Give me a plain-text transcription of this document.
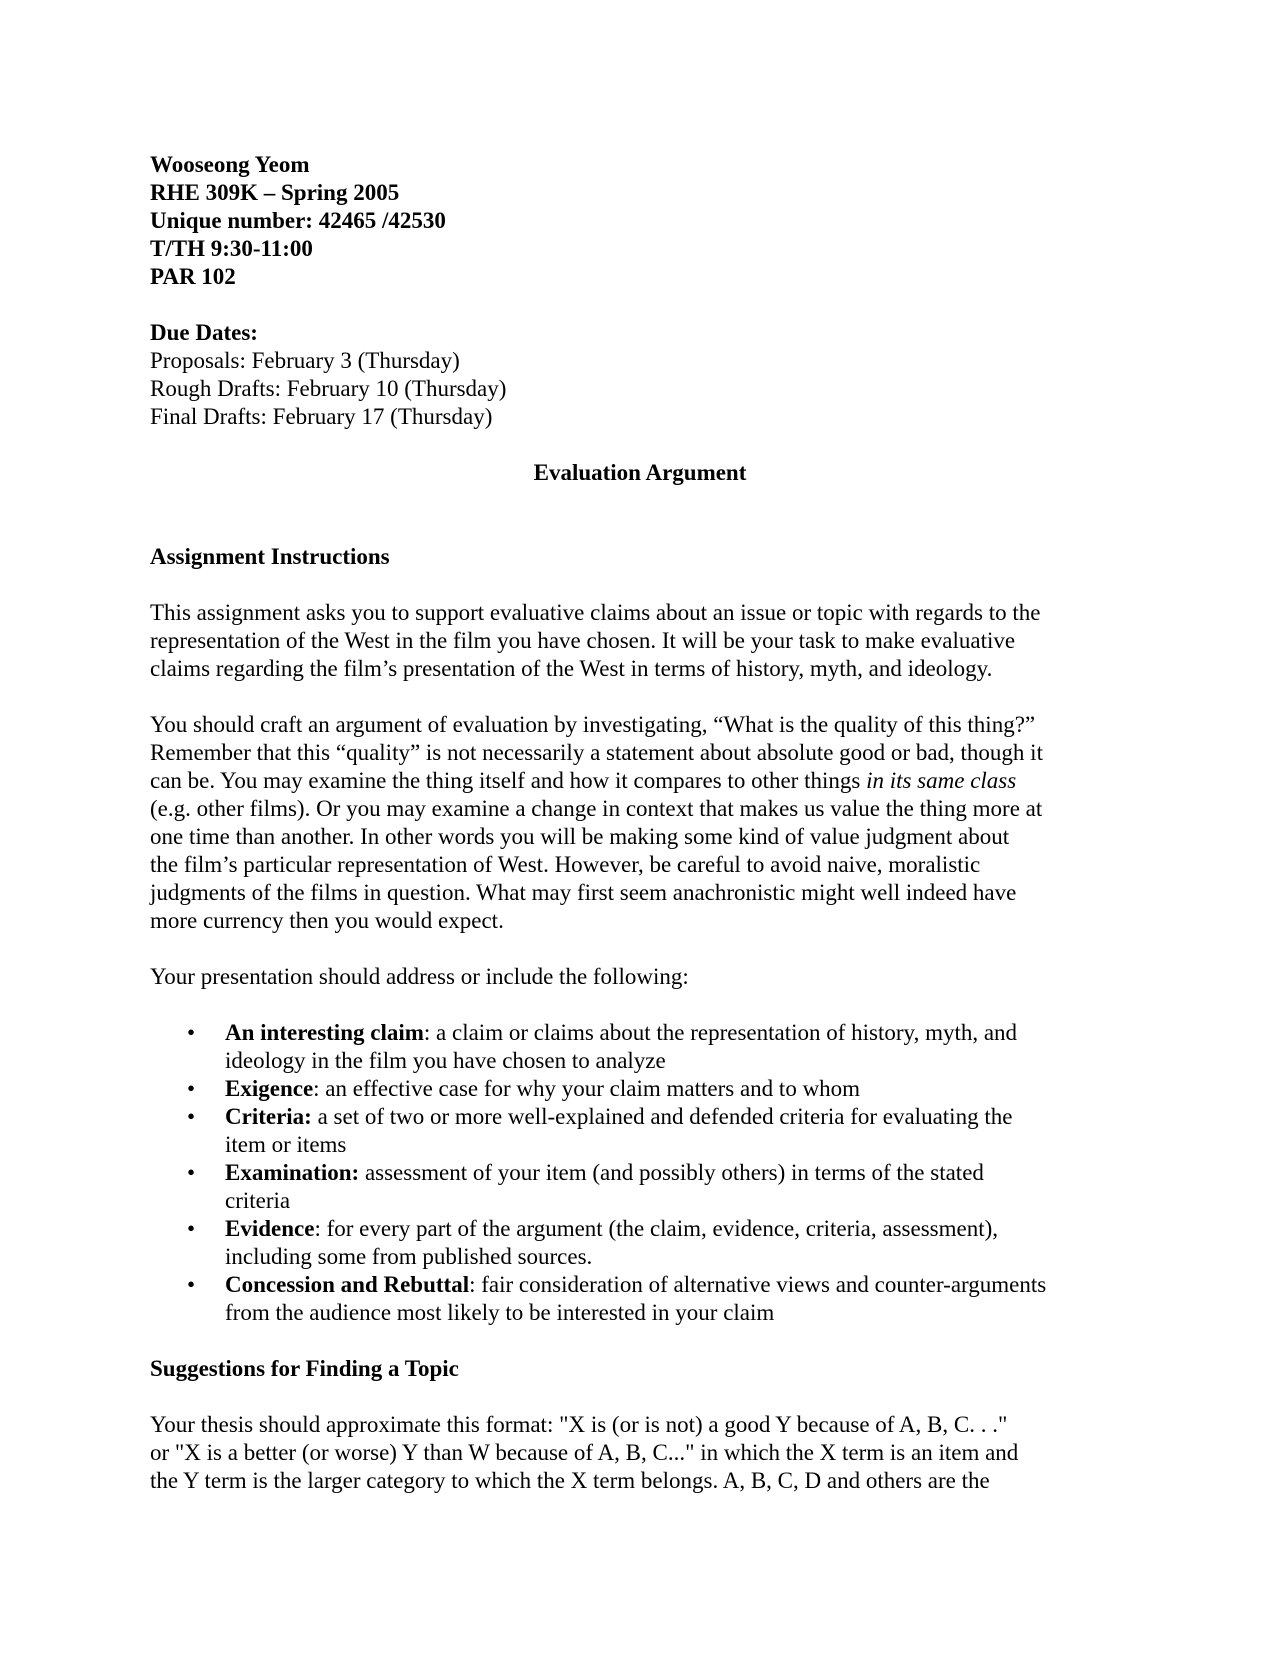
Wooseong Yeom
RHE 309K – Spring 2005
Unique number: 42465 /42530
T/TH 9:30-11:00
PAR 102
Due Dates:
Proposals: February 3 (Thursday)
Rough Drafts: February 10 (Thursday)
Final Drafts: February 17 (Thursday)
Evaluation Argument
Assignment Instructions
This assignment asks you to support evaluative claims about an issue or topic with regards to the
representation of the West in the film you have chosen. It will be your task to make evaluative
claims regarding the film’s presentation of the West in terms of history, myth, and ideology.
You should craft an argument of evaluation by investigating, “What is the quality of this thing?”
Remember that this “quality” is not necessarily a statement about absolute good or bad, though it
can be. You may examine the thing itself and how it compares to other things in its same class
(e.g. other films). Or you may examine a change in context that makes us value the thing more at
one time than another. In other words you will be making some kind of value judgment about
the film’s particular representation of West. However, be careful to avoid naive, moralistic
judgments of the films in question. What may first seem anachronistic might well indeed have
more currency then you would expect.
Your presentation should address or include the following:
• An interesting claim: a claim or claims about the representation of history, myth, and
ideology in the film you have chosen to analyze
• Exigence: an effective case for why your claim matters and to whom
• Criteria: a set of two or more well-explained and defended criteria for evaluating the
item or items
• Examination: assessment of your item (and possibly others) in terms of the stated
criteria
• Evidence: for every part of the argument (the claim, evidence, criteria, assessment),
including some from published sources.
• Concession and Rebuttal: fair consideration of alternative views and counter-arguments
from the audience most likely to be interested in your claim
Suggestions for Finding a Topic
Your thesis should approximate this format: "X is (or is not) a good Y because of A, B, C. . ."
or "X is a better (or worse) Y than W because of A, B, C..." in which the X term is an item and
the Y term is the larger category to which the X term belongs. A, B, C, D and others are the
